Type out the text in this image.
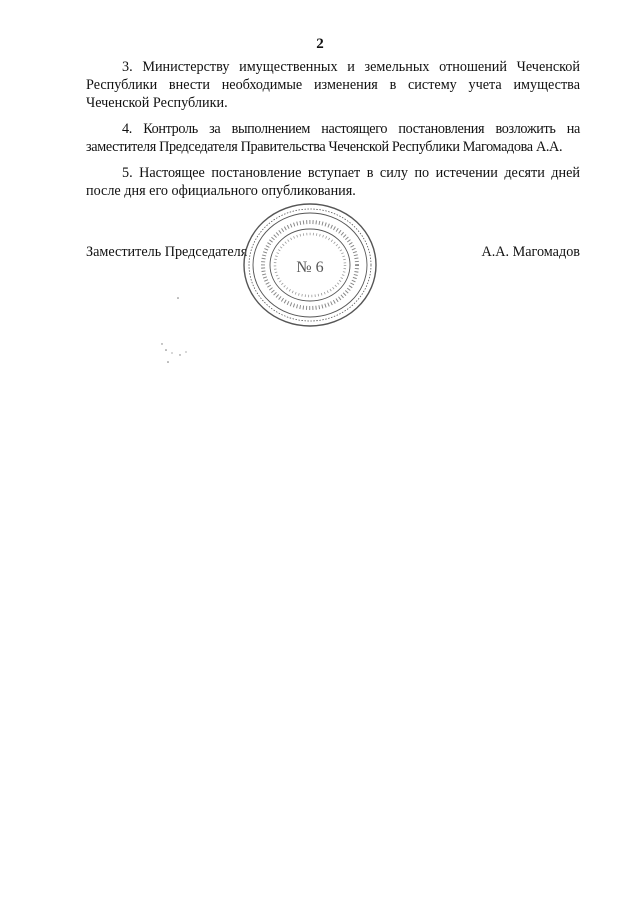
2

3. Министерству имущественных и земельных отношений Чеченской Республики внести необходимые изменения в систему учета имущества Чеченской Республики.

4. Контроль за выполнением настоящего постановления возложить на заместителя Председателя Правительства Чеченской Республики Магомадова А.А.

5. Настоящее постановление вступает в силу по истечении десяти дней после дня его официального опубликования.

Заместитель Председателя	А.А. Магомадов
№ 6
